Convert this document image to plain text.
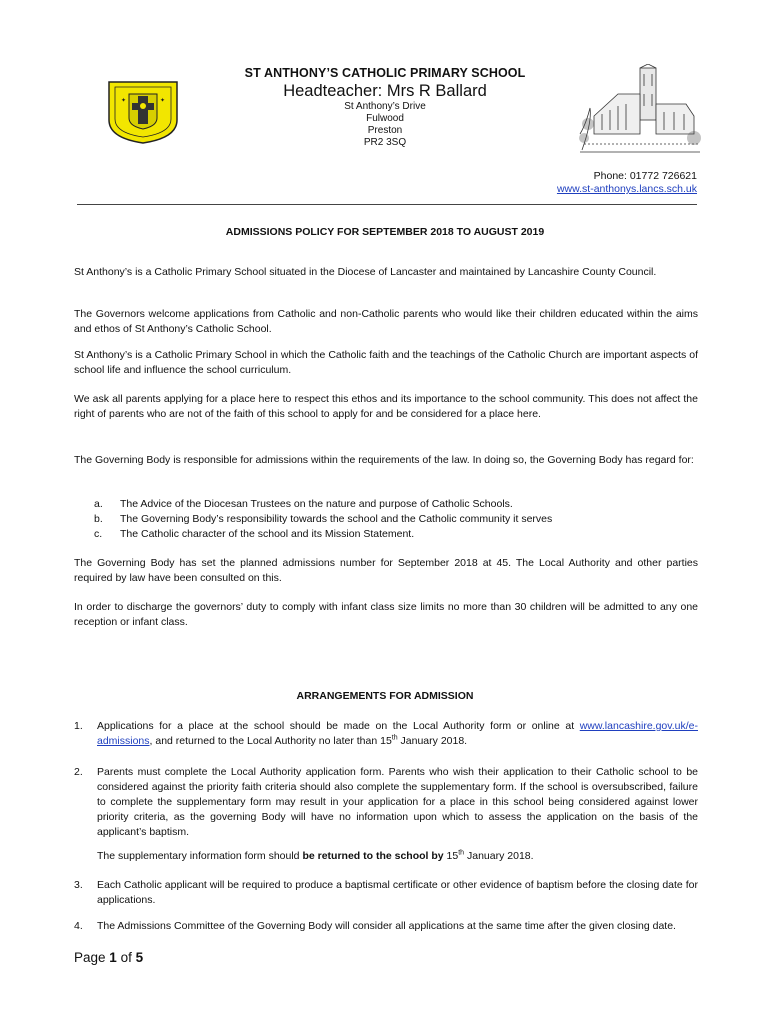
✦	✦
ST ANTHONY’S CATHOLIC PRIMARY SCHOOL
Headteacher: Mrs R Ballard
St Anthony’s Drive
Fulwood
Preston
PR2 3SQ
Phone: 01772 726621
www.st-anthonys.lancs.sch.uk
ADMISSIONS POLICY FOR SEPTEMBER 2018 TO AUGUST 2019
St Anthony’s is a Catholic Primary School situated in the Diocese of Lancaster and maintained by Lancashire County Council.
The Governors welcome applications from Catholic and non-Catholic parents who would like their children educated within the aims and ethos of St Anthony’s Catholic School.
St Anthony’s is a Catholic Primary School in which the Catholic faith and the teachings of the Catholic Church are important aspects of school life and influence the school curriculum.
We ask all parents applying for a place here to respect this ethos and its importance to the school community. This does not affect the right of parents who are not of the faith of this school to apply for and be considered for a place here.
The Governing Body is responsible for admissions within the requirements of the law. In doing so, the Governing Body has regard for:
a.	The Advice of the Diocesan Trustees on the nature and purpose of Catholic Schools.
b.	The Governing Body’s responsibility towards the school and the Catholic community it serves
c.	The Catholic character of the school and its Mission Statement.
The Governing Body has set the planned admissions number for September 2018 at 45. The Local Authority and other parties required by law have been consulted on this.
In order to discharge the governors’ duty to comply with infant class size limits no more than 30 children will be admitted to any one reception or infant class.
ARRANGEMENTS FOR ADMISSION
1.	Applications for a place at the school should be made on the Local Authority form or online at www.lancashire.gov.uk/e-admissions, and returned to the Local Authority no later than 15th January 2018.
2.	Parents must complete the Local Authority application form. Parents who wish their application to their Catholic school to be considered against the priority faith criteria should also complete the supplementary form. If the school is oversubscribed, failure to complete the supplementary form may result in your application for a place in this school being considered against lower priority criteria, as the governing Body will have no information upon which to assess the application on the basis of the applicant’s baptism.
The supplementary information form should be returned to the school by 15th January 2018.
3.	Each Catholic applicant will be required to produce a baptismal certificate or other evidence of baptism before the closing date for applications.
4.	The Admissions Committee of the Governing Body will consider all applications at the same time after the given closing date.
Page 1 of 5
